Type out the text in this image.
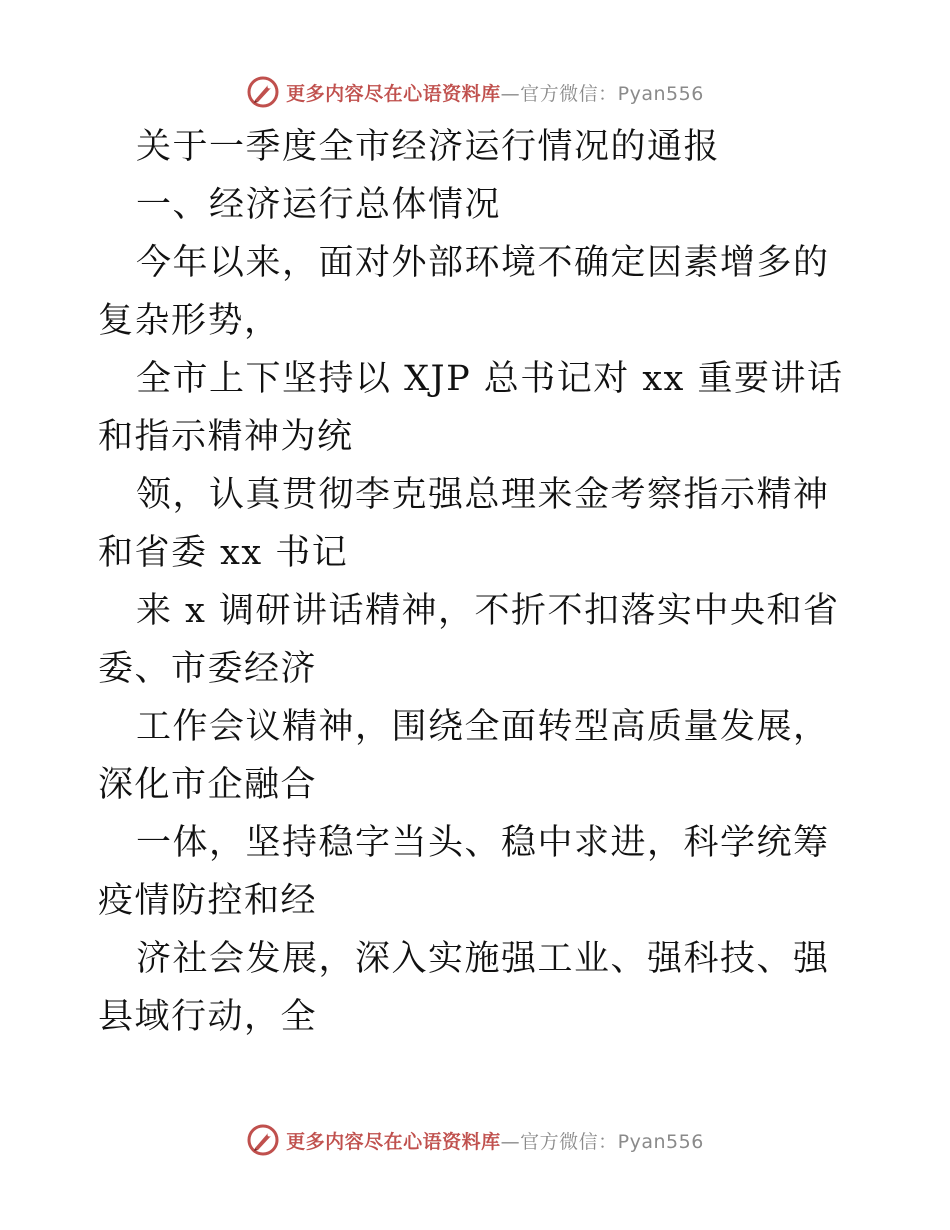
更多内容尽在心语资料库—官方微信：Pyan556

关于一季度全市经济运行情况的通报

一、经济运行总体情况

今年以来，面对外部环境不确定因素增多的复杂形势，

全市上下坚持以 XJP 总书记对 xx 重要讲话和指示精神为统

领，认真贯彻李克强总理来金考察指示精神和省委 xx 书记

来 x 调研讲话精神，不折不扣落实中央和省委、市委经济

工作会议精神，围绕全面转型高质量发展，深化市企融合

一体，坚持稳字当头、稳中求进，科学统筹疫情防控和经

济社会发展，深入实施强工业、强科技、强县域行动，全

更多内容尽在心语资料库—官方微信：Pyan556
